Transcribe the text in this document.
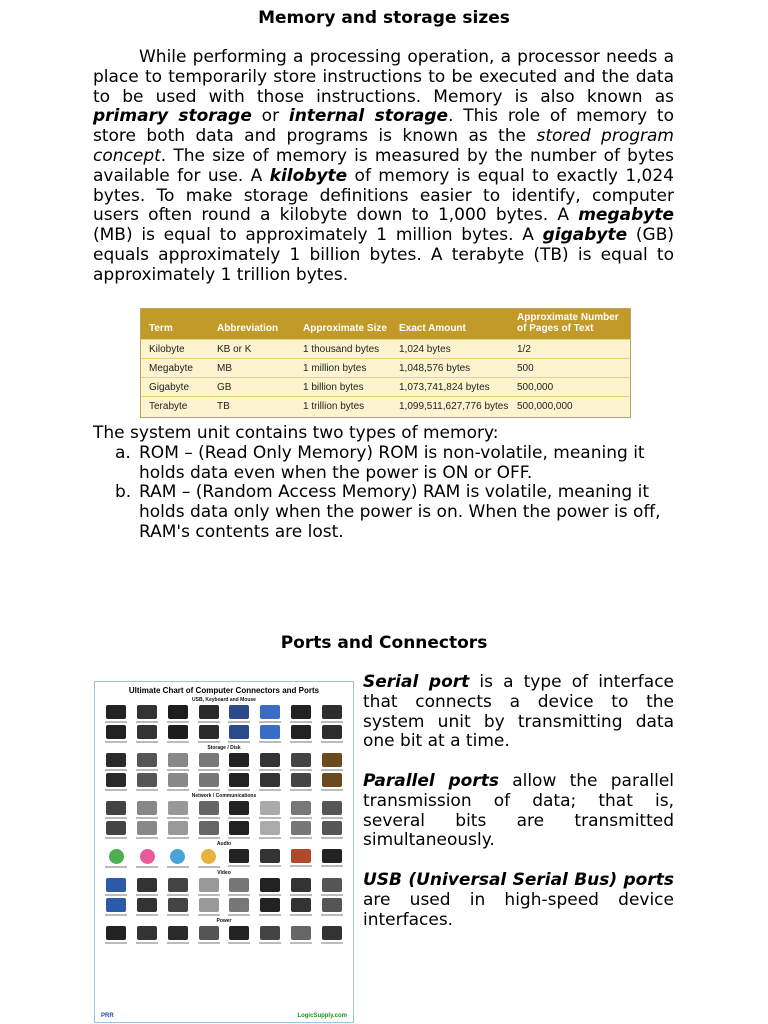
Memory and storage sizes

While performing a processing operation, a processor needs a place to temporarily store instructions to be executed and the data to be used with those instructions. Memory is also known as primary storage or internal storage. This role of memory to store both data and programs is known as the stored program concept. The size of memory is measured by the number of bytes available for use. A kilobyte of memory is equal to exactly 1,024 bytes. To make storage definitions easier to identify, computer users often round a kilobyte down to 1,000 bytes. A megabyte (MB) is equal to approximately 1 million bytes. A gigabyte (GB) equals approximately 1 billion bytes. A terabyte (TB) is equal to approximately 1 trillion bytes.

Term	Abbreviation	Approximate Size	Exact Amount	Approximate Number of Pages of Text
Kilobyte	KB or K	1 thousand bytes	1,024 bytes	1/2
Megabyte	MB	1 million bytes	1,048,576 bytes	500
Gigabyte	GB	1 billion bytes	1,073,741,824 bytes	500,000
Terabyte	TB	1 trillion bytes	1,099,511,627,776 bytes	500,000,000

The system unit contains two types of memory:

a. ROM – (Read Only Memory) ROM is non-volatile, meaning it holds data even when the power is ON or OFF.

b. RAM – (Random Access Memory) RAM is volatile, meaning it holds data only when the power is on. When the power is off, RAM's contents are lost.

Ports and Connectors
Ultimate Chart of Computer Connectors and Ports
USB, Keyboard and Mouse
Storage / Disk
Network / Communications
Audio
Video
Power
PRR	LogicSupply.com

Serial port is a type of interface that connects a device to the system unit by transmitting data one bit at a time.

Parallel ports allow the parallel transmission of data; that is, several bits are transmitted simultaneously.

USB (Universal Serial Bus) ports are used in high-speed device interfaces.
